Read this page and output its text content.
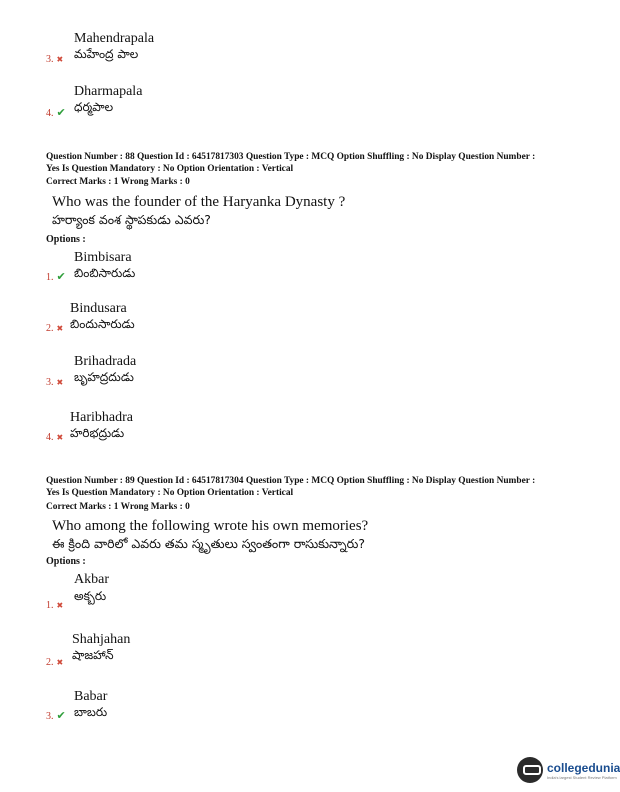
Mahendrapala
మహేంద్ర పాల
3. ✖
Dharmapala
ధర్మపాల
4. ✔
Question Number : 88 Question Id : 64517817303 Question Type : MCQ Option Shuffling : No Display Question Number :
Yes Is Question Mandatory : No Option Orientation : Vertical
Correct Marks : 1 Wrong Marks : 0
Who was the founder of the Haryanka Dynasty ?
హర్యాంక వంశ స్థాపకుడు ఎవరు?
Options :
Bimbisara
బింబిసారుడు
1. ✔
Bindusara
బిందుసారుడు
2. ✖
Brihadrada
బృహద్రదుడు
3. ✖
Haribhadra
హరిభద్రుడు
4. ✖
Question Number : 89 Question Id : 64517817304 Question Type : MCQ Option Shuffling : No Display Question Number :
Yes Is Question Mandatory : No Option Orientation : Vertical
Correct Marks : 1 Wrong Marks : 0
Who among the following wrote his own memories?
ఈ క్రింది వారిలో ఎవరు తమ స్మృతులు స్వంతంగా రాసుకున్నారు?
Options :
Akbar
అక్బరు
1. ✖
Shahjahan
షాజహాన్
2. ✖
Babar
బాబరు
3. ✔
collegedunia
India's largest Student Review Platform
